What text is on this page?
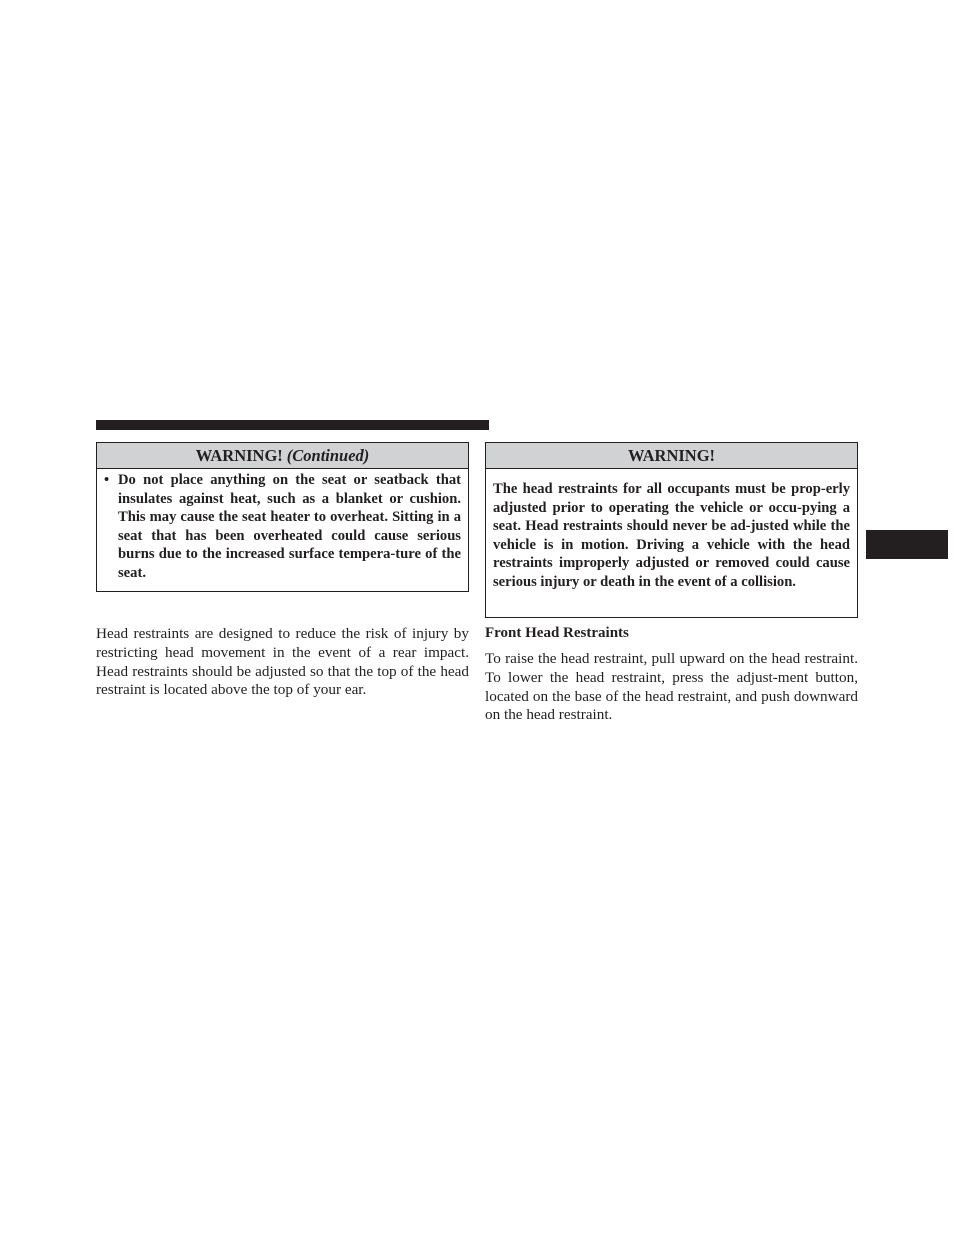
WARNING! (Continued)
• Do not place anything on the seat or seatback that insulates against heat, such as a blanket or cushion. This may cause the seat heater to overheat. Sitting in a seat that has been overheated could cause serious burns due to the increased surface tempera-ture of the seat.
Head restraints are designed to reduce the risk of injury by restricting head movement in the event of a rear impact. Head restraints should be adjusted so that the top of the head restraint is located above the top of your ear.
WARNING!
The head restraints for all occupants must be prop-erly adjusted prior to operating the vehicle or occu-pying a seat. Head restraints should never be ad-justed while the vehicle is in motion. Driving a vehicle with the head restraints improperly adjusted or removed could cause serious injury or death in the event of a collision.
Front Head Restraints
To raise the head restraint, pull upward on the head restraint. To lower the head restraint, press the adjust-ment button, located on the base of the head restraint, and push downward on the head restraint.
